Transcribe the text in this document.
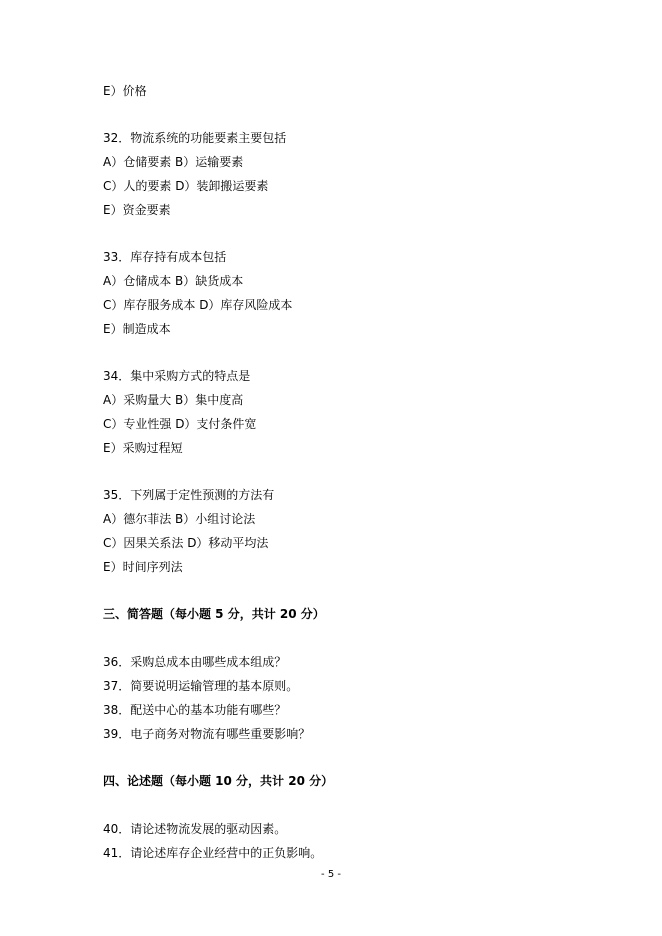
E）价格
32．物流系统的功能要素主要包括
A）仓储要素 B）运输要素
C）人的要素 D）装卸搬运要素
E）资金要素
33．库存持有成本包括
A）仓储成本 B）缺货成本
C）库存服务成本 D）库存风险成本
E）制造成本
34．集中采购方式的特点是
A）采购量大 B）集中度高
C）专业性强 D）支付条件宽
E）采购过程短
35．下列属于定性预测的方法有
A）德尔菲法 B）小组讨论法
C）因果关系法 D）移动平均法
E）时间序列法
三、简答题（每小题 5 分，共计 20 分）
36．采购总成本由哪些成本组成？
37．简要说明运输管理的基本原则。
38．配送中心的基本功能有哪些？
39．电子商务对物流有哪些重要影响？
四、论述题（每小题 10 分，共计 20 分）
40．请论述物流发展的驱动因素。
41．请论述库存企业经营中的正负影响。
- 5 -
